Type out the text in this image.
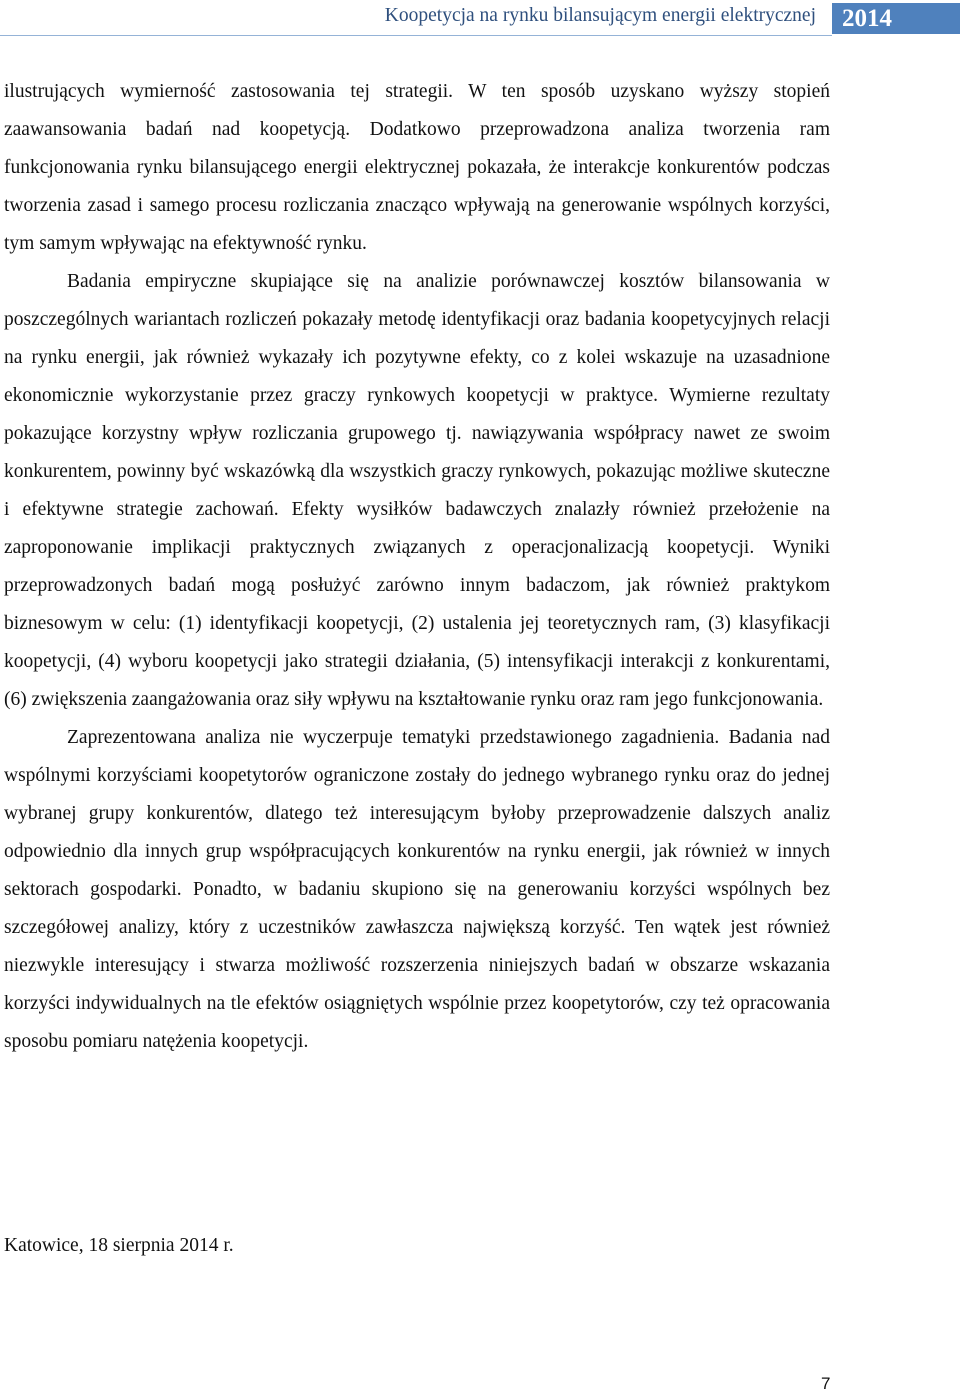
Koopetycja na rynku bilansującym energii elektrycznej	2014

ilustrujących wymierność zastosowania tej strategii. W ten sposób uzyskano wyższy stopień zaawansowania badań nad koopetycją. Dodatkowo przeprowadzona analiza tworzenia ram funkcjonowania rynku bilansującego energii elektrycznej pokazała, że interakcje konkurentów podczas tworzenia zasad i samego procesu rozliczania znacząco wpływają na generowanie wspólnych korzyści, tym samym wpływając na efektywność rynku.

Badania empiryczne skupiające się na analizie porównawczej kosztów bilansowania w poszczególnych wariantach rozliczeń pokazały metodę identyfikacji oraz badania koopetycyjnych relacji na rynku energii, jak również wykazały ich pozytywne efekty, co z kolei wskazuje na uzasadnione ekonomicznie wykorzystanie przez graczy rynkowych koopetycji w praktyce. Wymierne rezultaty pokazujące korzystny wpływ rozliczania grupowego tj. nawiązywania współpracy nawet ze swoim konkurentem, powinny być wskazówką dla wszystkich graczy rynkowych, pokazując możliwe skuteczne i efektywne strategie zachowań. Efekty wysiłków badawczych znalazły również przełożenie na zaproponowanie implikacji praktycznych związanych z operacjonalizacją koopetycji. Wyniki przeprowadzonych badań mogą posłużyć zarówno innym badaczom, jak również praktykom biznesowym w celu: (1) identyfikacji koopetycji, (2) ustalenia jej teoretycznych ram, (3) klasyfikacji koopetycji, (4) wyboru koopetycji jako strategii działania, (5) intensyfikacji interakcji z konkurentami, (6) zwiększenia zaangażowania oraz siły wpływu na kształtowanie rynku oraz ram jego funkcjonowania.

Zaprezentowana analiza nie wyczerpuje tematyki przedstawionego zagadnienia. Badania nad wspólnymi korzyściami koopetytorów ograniczone zostały do jednego wybranego rynku oraz do jednej wybranej grupy konkurentów, dlatego też interesującym byłoby przeprowadzenie dalszych analiz odpowiednio dla innych grup współpracujących konkurentów na rynku energii, jak również w innych sektorach gospodarki. Ponadto, w badaniu skupiono się na generowaniu korzyści wspólnych bez szczegółowej analizy, który z uczestników zawłaszcza największą korzyść. Ten wątek jest również niezwykle interesujący i stwarza możliwość rozszerzenia niniejszych badań w obszarze wskazania korzyści indywidualnych na tle efektów osiągniętych wspólnie przez koopetytorów, czy też opracowania sposobu pomiaru natężenia koopetycji.

Katowice, 18 sierpnia 2014 r.

7
